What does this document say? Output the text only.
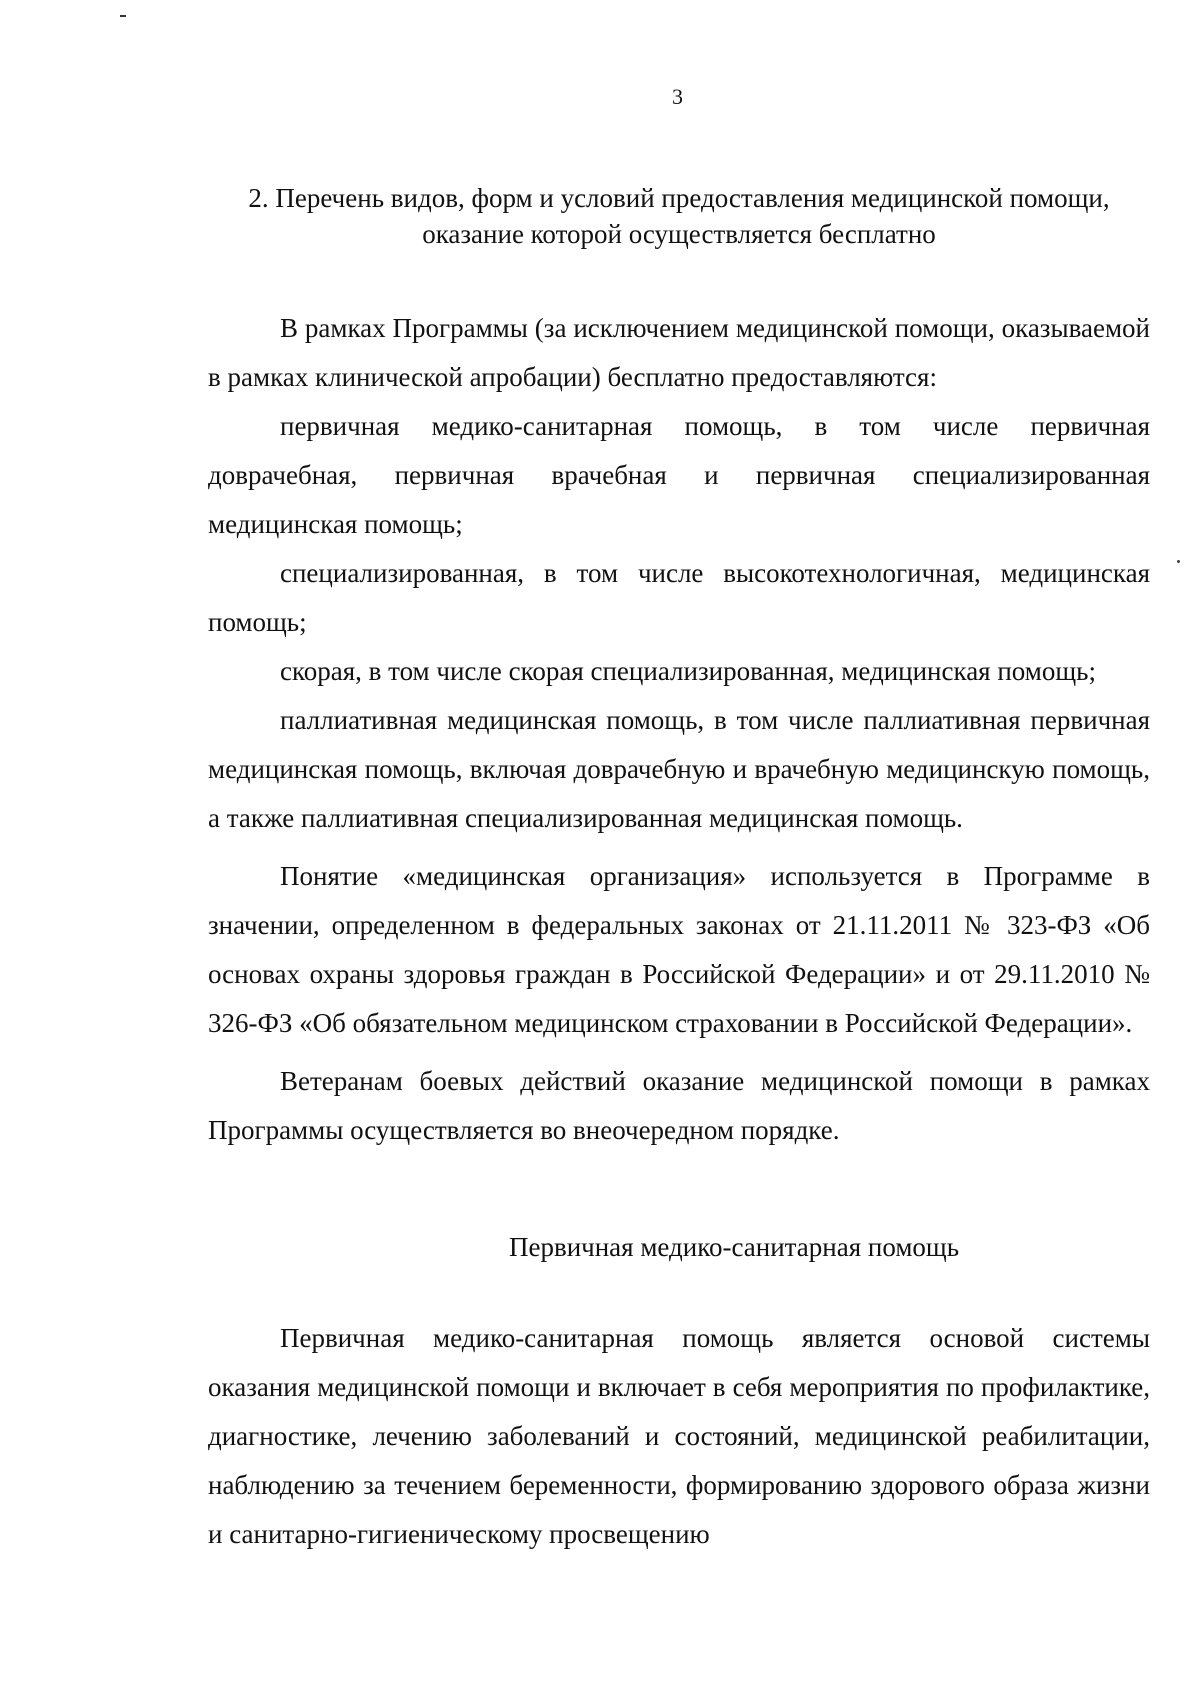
3
2. Перечень видов, форм и условий предоставления медицинской помощи,
оказание которой осуществляется бесплатно

В рамках Программы (за исключением медицинской помощи, оказываемой в рамках клинической апробации) бесплатно предоставляются:

первичная медико-санитарная помощь, в том числе первичная доврачебная, первичная врачебная и первичная специализированная медицинская помощь;

специализированная, в том числе высокотехнологичная, медицинская помощь;

скорая, в том числе скорая специализированная, медицинская помощь;

паллиативная медицинская помощь, в том числе паллиативная первичная медицинская помощь, включая доврачебную и врачебную медицинскую помощь, а также паллиативная специализированная медицинская помощь.

Понятие «медицинская организация» используется в Программе в значении, определенном в федеральных законах от 21.11.2011 № 323-ФЗ «Об основах охраны здоровья граждан в Российской Федерации» и от 29.11.2010 № 326-ФЗ «Об обязательном медицинском страховании в Российской Федерации».

Ветеранам боевых действий оказание медицинской помощи в рамках Программы осуществляется во внеочередном порядке.

Первичная медико-санитарная помощь

Первичная медико-санитарная помощь является основой системы оказания медицинской помощи и включает в себя мероприятия по профилактике, диагностике, лечению заболеваний и состояний, медицинской реабилитации, наблюдению за течением беременности, формированию здорового образа жизни и санитарно-гигиеническому просвещению
